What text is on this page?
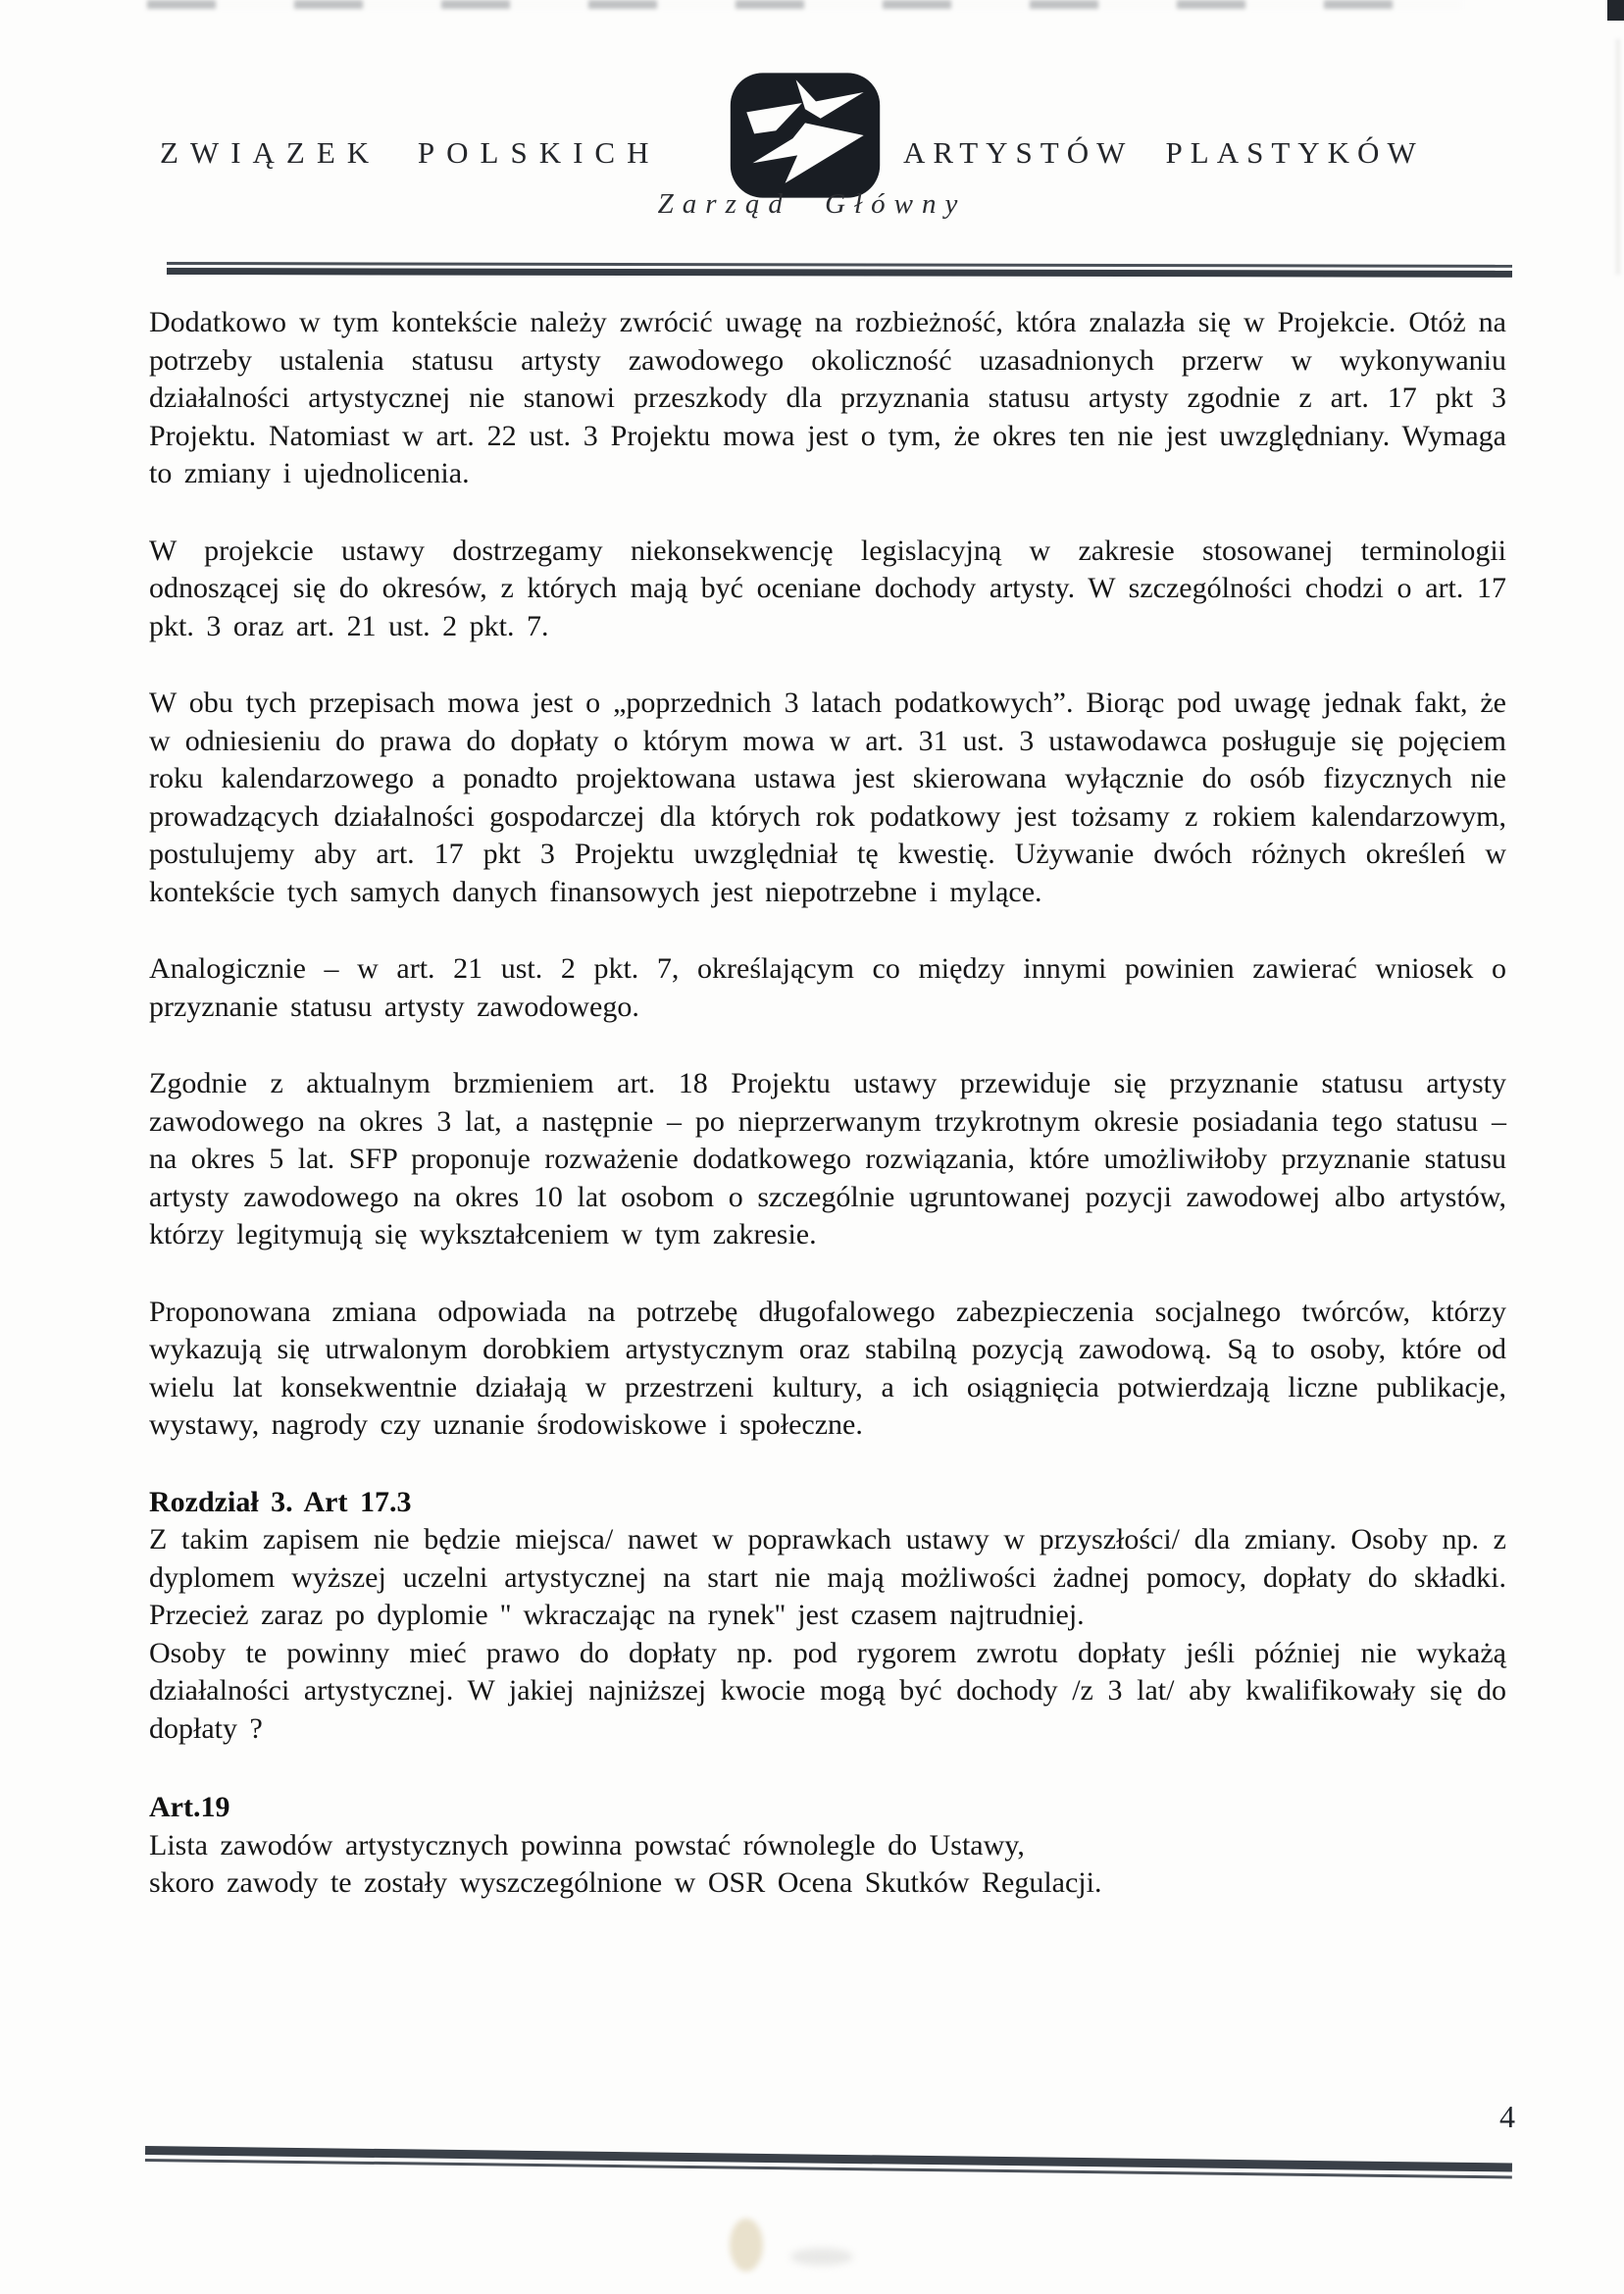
ZWIĄZEK POLSKICH	ARTYSTÓW PLASTYKÓW
Zarząd Główny

Dodatkowo w tym kontekście należy zwrócić uwagę na rozbieżność, która znalazła się w Projekcie. Otóż na potrzeby ustalenia statusu artysty zawodowego okoliczność uzasadnionych przerw w wykonywaniu działalności artystycznej nie stanowi przeszkody dla przyznania statusu artysty zgodnie z art. 17 pkt 3 Projektu. Natomiast w art. 22 ust. 3 Projektu mowa jest o tym, że okres ten nie jest uwzględniany. Wymaga to zmiany i ujednolicenia.

W projekcie ustawy dostrzegamy niekonsekwencję legislacyjną w zakresie stosowanej terminologii odnoszącej się do okresów, z których mają być oceniane dochody artysty. W szczególności chodzi o art. 17 pkt. 3 oraz art. 21 ust. 2 pkt. 7.

W obu tych przepisach mowa jest o „poprzednich 3 latach podatkowych”. Biorąc pod uwagę jednak fakt, że w odniesieniu do prawa do dopłaty o którym mowa w art. 31 ust. 3 ustawodawca posługuje się pojęciem roku kalendarzowego a ponadto projektowana ustawa jest skierowana wyłącznie do osób fizycznych nie prowadzących działalności gospodarczej dla których rok podatkowy jest tożsamy z rokiem kalendarzowym, postulujemy aby art. 17 pkt 3 Projektu uwzględniał tę kwestię. Używanie dwóch różnych określeń w kontekście tych samych danych finansowych jest niepotrzebne i mylące.

Analogicznie – w art. 21 ust. 2 pkt. 7, określającym co między innymi powinien zawierać wniosek o przyznanie statusu artysty zawodowego.

Zgodnie z aktualnym brzmieniem art. 18 Projektu ustawy przewiduje się przyznanie statusu artysty zawodowego na okres 3 lat, a następnie – po nieprzerwanym trzykrotnym okresie posiadania tego statusu – na okres 5 lat. SFP proponuje rozważenie dodatkowego rozwiązania, które umożliwiłoby przyznanie statusu artysty zawodowego na okres 10 lat osobom o szczególnie ugruntowanej pozycji zawodowej albo artystów, którzy legitymują się wykształceniem w tym zakresie.

Proponowana zmiana odpowiada na potrzebę długofalowego zabezpieczenia socjalnego twórców, którzy wykazują się utrwalonym dorobkiem artystycznym oraz stabilną pozycją zawodową. Są to osoby, które od wielu lat konsekwentnie działają w przestrzeni kultury, a ich osiągnięcia potwierdzają liczne publikacje, wystawy, nagrody czy uznanie środowiskowe i społeczne.

Rozdział 3. Art 17.3

Z takim zapisem nie będzie miejsca/ nawet w poprawkach ustawy w przyszłości/ dla zmiany. Osoby np. z dyplomem wyższej uczelni artystycznej na start nie mają możliwości żadnej pomocy, dopłaty do składki. Przecież zaraz po dyplomie '' wkraczając na rynek'' jest czasem najtrudniej.

Osoby te powinny mieć prawo do dopłaty np. pod rygorem zwrotu dopłaty jeśli później nie wykażą działalności artystycznej. W jakiej najniższej kwocie mogą być dochody /z 3 lat/ aby kwalifikowały się do dopłaty ?

Art.19

Lista zawodów artystycznych powinna powstać równolegle do Ustawy,

skoro zawody te zostały wyszczególnione w OSR Ocena Skutków Regulacji.

4
